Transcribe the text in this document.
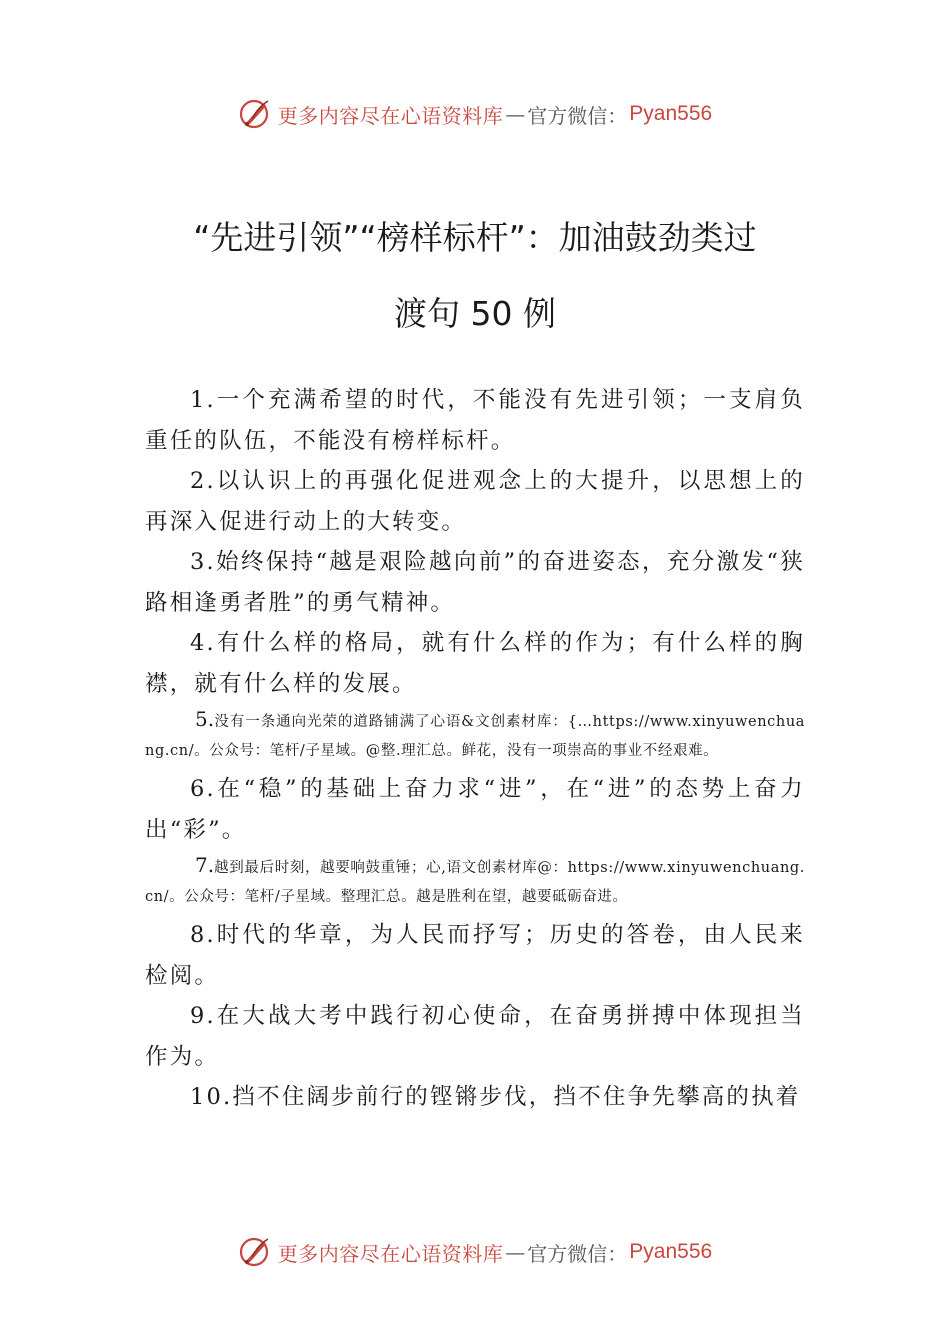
更多内容尽在心语资料库 — 官方微信： Pyan556
“先进引领”“榜样标杆”：加油鼓劲类过
渡句 50 例

1.一个充满希望的时代，不能没有先进引领；一支肩负重任的队伍，不能没有榜样标杆。

2.以认识上的再强化促进观念上的大提升，以思想上的再深入促进行动上的大转变。

3.始终保持“越是艰险越向前”的奋进姿态，充分激发“狭路相逢勇者胜”的勇气精神。

4.有什么样的格局，就有什么样的作为；有什么样的胸襟，就有什么样的发展。

5.没有一条通向光荣的道路铺满了心语&文创素材库：{…https://www.xinyuwenchuang.cn/。公众号：笔杆/子星域。@整.理汇总。鲜花，没有一项崇高的事业不经艰难。

6.在“稳”的基础上奋力求“进”，在“进”的态势上奋力出“彩”。

7.越到最后时刻，越要响鼓重锤；心,语文创素材库@：https://www.xinyuwenchuang.cn/。公众号：笔杆/子星域。整理汇总。越是胜利在望，越要砥砺奋进。

8.时代的华章，为人民而抒写；历史的答卷，由人民来检阅。

9.在大战大考中践行初心使命，在奋勇拼搏中体现担当作为。

10.挡不住阔步前行的铿锵步伐，挡不住争先攀高的执着

更多内容尽在心语资料库 — 官方微信： Pyan556
